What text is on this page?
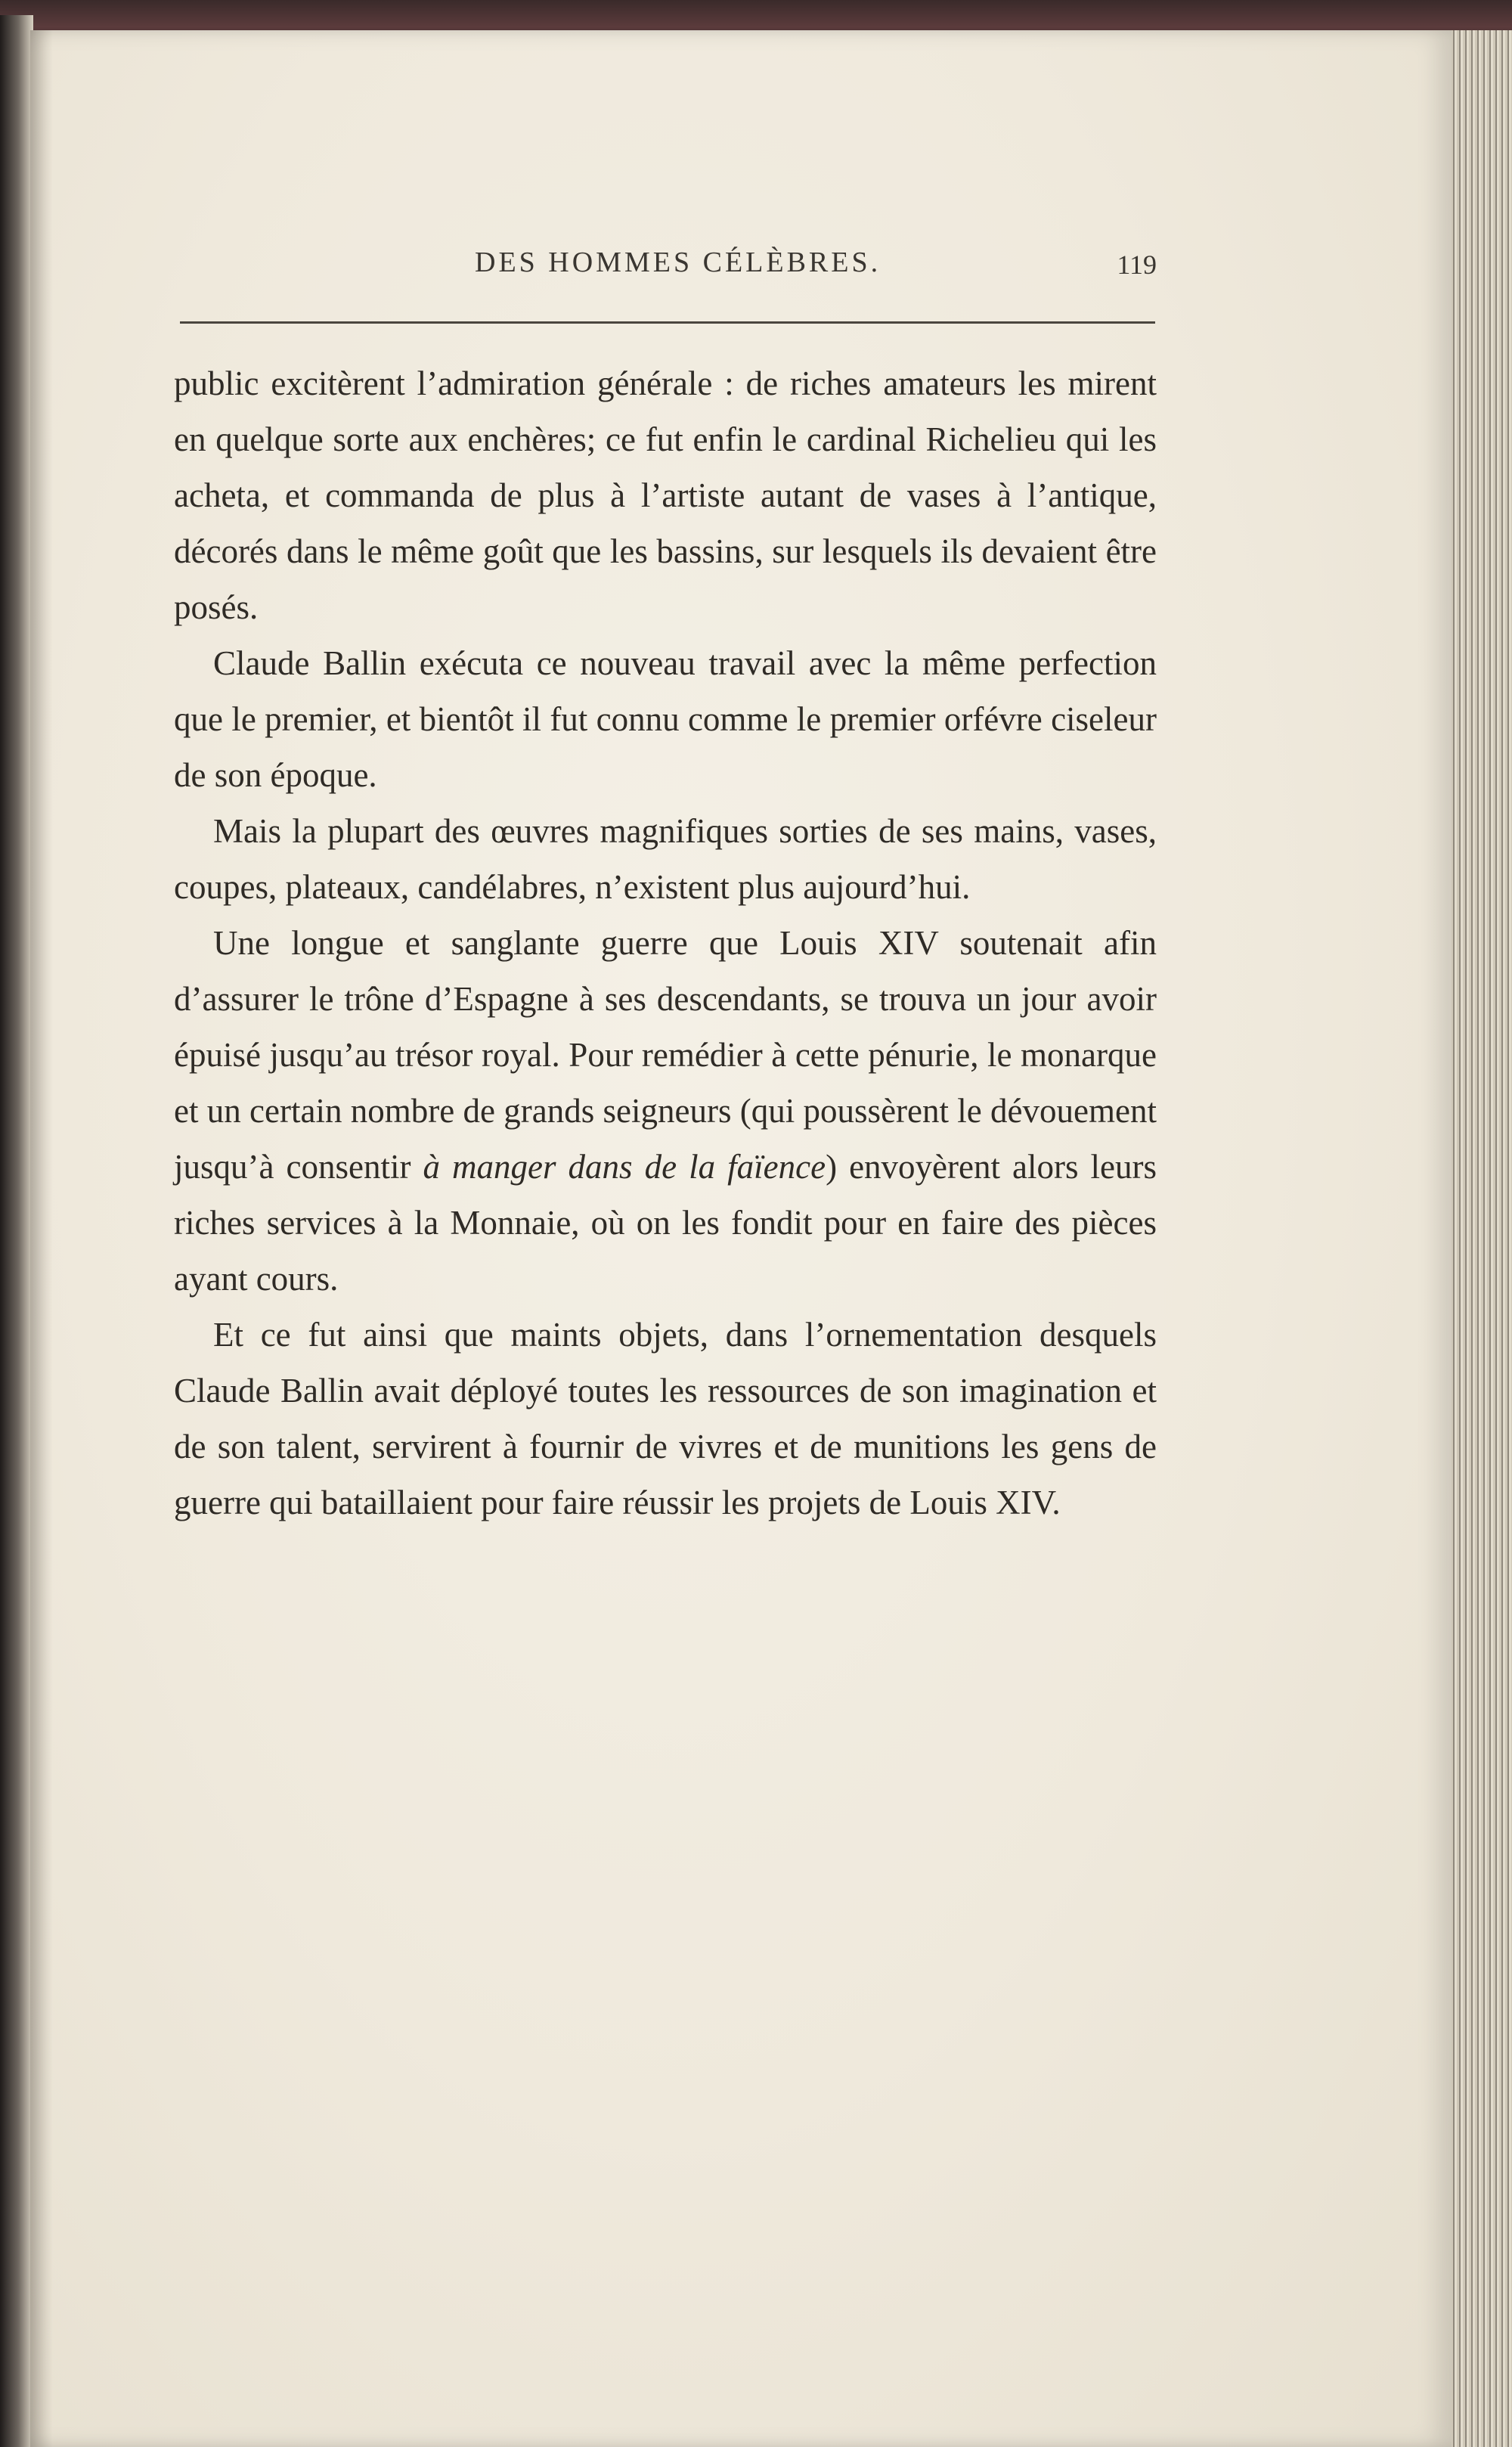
DES HOMMES CÉLÈBRES.	119

public excitèrent l’admiration générale : de riches amateurs les mirent en quelque sorte aux enchères; ce fut enfin le cardinal Richelieu qui les acheta, et commanda de plus à l’artiste autant de vases à l’antique, décorés dans le même goût que les bassins, sur lesquels ils devaient être posés.

Claude Ballin exécuta ce nouveau travail avec la même perfection que le premier, et bientôt il fut connu comme le premier orfévre ciseleur de son époque.

Mais la plupart des œuvres magnifiques sorties de ses mains, vases, coupes, plateaux, candélabres, n’existent plus aujourd’hui.

Une longue et sanglante guerre que Louis XIV soutenait afin d’assurer le trône d’Espagne à ses descendants, se trouva un jour avoir épuisé jusqu’au trésor royal. Pour remédier à cette pénurie, le monarque et un certain nombre de grands seigneurs (qui poussèrent le dévouement jusqu’à consentir à manger dans de la faïence) envoyèrent alors leurs riches services à la Monnaie, où on les fondit pour en faire des pièces ayant cours.

Et ce fut ainsi que maints objets, dans l’ornementation desquels Claude Ballin avait déployé toutes les ressources de son imagination et de son talent, servirent à fournir de vivres et de munitions les gens de guerre qui bataillaient pour faire réussir les projets de Louis XIV.
